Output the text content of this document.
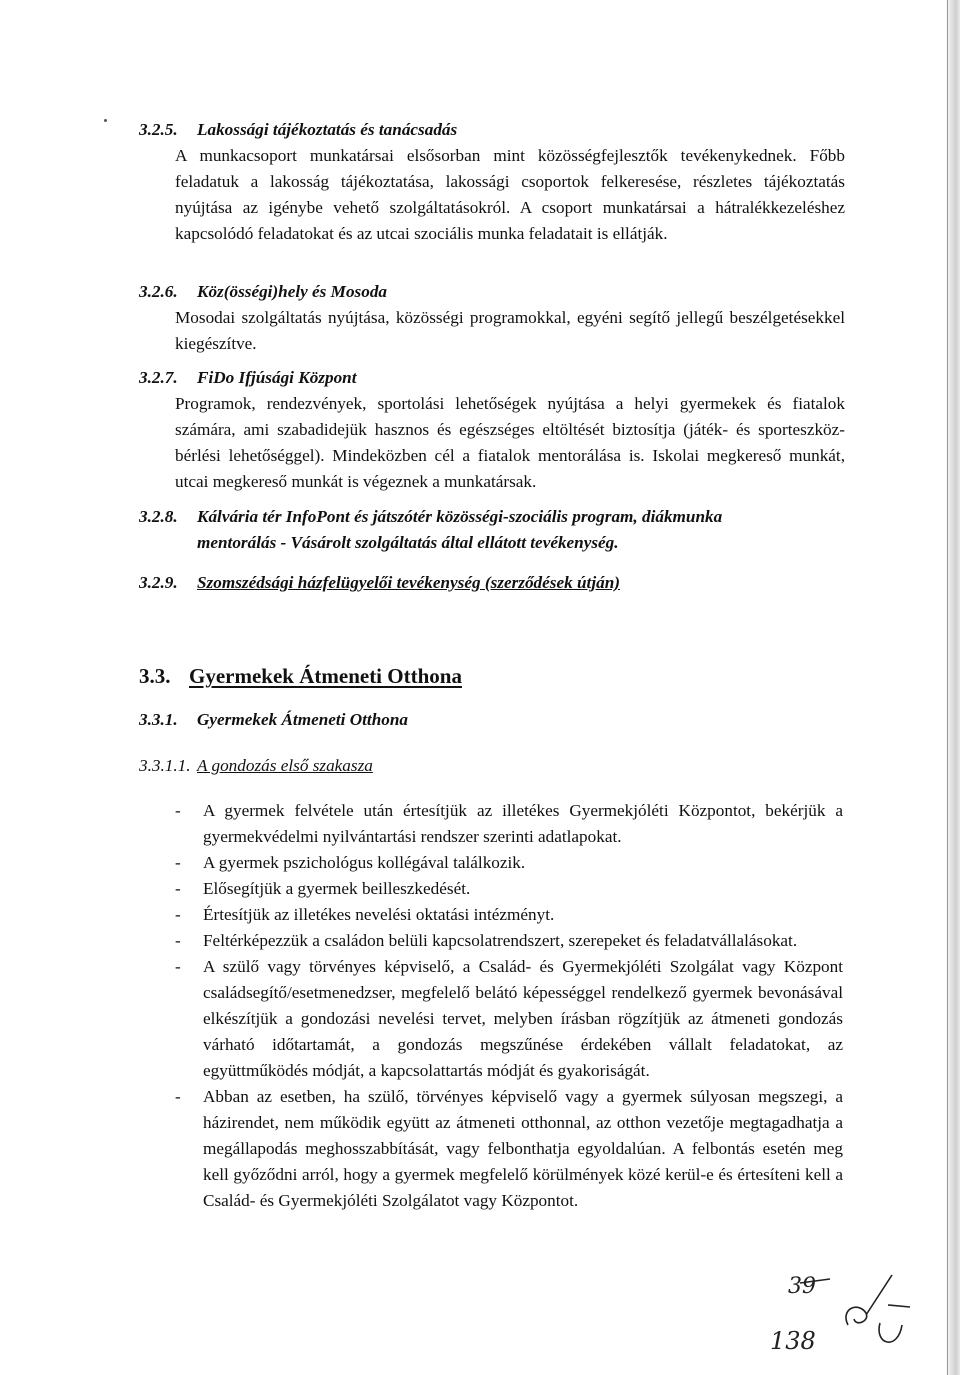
3.2.5. Lakossági tájékoztatás és tanácsadás
A munkacsoport munkatársai elsősorban mint közösségfejlesztők tevékenykednek. Főbb feladatuk a lakosság tájékoztatása, lakossági csoportok felkeresése, részletes tájékoztatás nyújtása az igénybe vehető szolgáltatásokról. A csoport munkatársai a hátralékkezeléshez kapcsolódó feladatokat és az utcai szociális munka feladatait is ellátják.
3.2.6. Köz(össégi)hely és Mosoda
Mosodai szolgáltatás nyújtása, közösségi programokkal, egyéni segítő jellegű beszélgetésekkel kiegészítve.
3.2.7. FiDo Ifjúsági Központ
Programok, rendezvények, sportolási lehetőségek nyújtása a helyi gyermekek és fiatalok számára, ami szabadidejük hasznos és egészséges eltöltését biztosítja (játék- és sporteszköz-bérlési lehetőséggel). Mindeközben cél a fiatalok mentorálása is. Iskolai megkereső munkát, utcai megkereső munkát is végeznek a munkatársak.
3.2.8.	Kálvária tér InfoPont és játszótér közösségi-szociális program, diákmunka mentorálás - Vásárolt szolgáltatás által ellátott tevékenység.
3.2.9. Szomszédsági házfelügyelői tevékenység (szerződések útján)
3.3. Gyermekek Átmeneti Otthona
3.3.1. Gyermekek Átmeneti Otthona
3.3.1.1. A gondozás első szakasza
- A gyermek felvétele után értesítjük az illetékes Gyermekjóléti Központot, bekérjük a gyermekvédelmi nyilvántartási rendszer szerinti adatlapokat.
- A gyermek pszichológus kollégával találkozik.
- Elősegítjük a gyermek beilleszkedését.
- Értesítjük az illetékes nevelési oktatási intézményt.
- Feltérképezzük a családon belüli kapcsolatrendszert, szerepeket és feladatvállalásokat.
- A szülő vagy törvényes képviselő, a Család- és Gyermekjóléti Szolgálat vagy Központ családsegítő/esetmenedzser, megfelelő belátó képességgel rendelkező gyermek bevonásával elkészítjük a gondozási nevelési tervet, melyben írásban rögzítjük az átmeneti gondozás várható időtartamát, a gondozás megszűnése érdekében vállalt feladatokat, az együttműködés módját, a kapcsolattartás módját és gyakoriságát.
- Abban az esetben, ha szülő, törvényes képviselő vagy a gyermek súlyosan megszegi, a házirendet, nem működik együtt az átmeneti otthonnal, az otthon vezetője megtagadhatja a megállapodás meghosszabbítását, vagy felbonthatja egyoldalúan. A felbontás esetén meg kell győződni arról, hogy a gyermek megfelelő körülmények közé kerül-e és értesíteni kell a Család- és Gyermekjóléti Szolgálatot vagy Központot.
39
138
